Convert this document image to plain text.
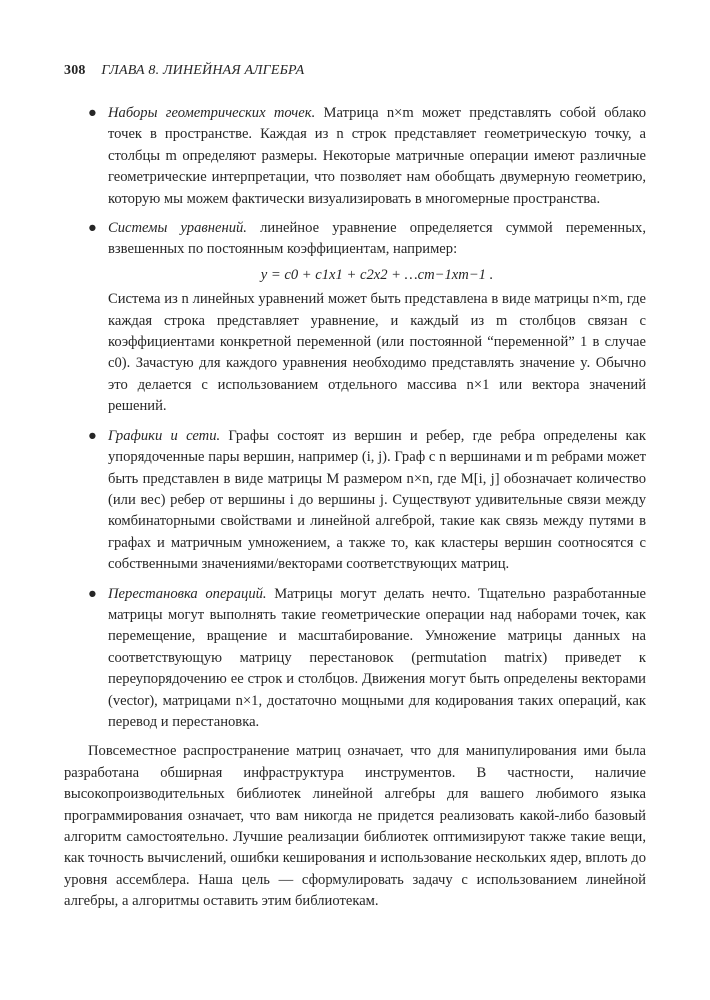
308 ГЛАВА 8. ЛИНЕЙНАЯ АЛГЕБРА
● Наборы геометрических точек. Матрица n×m может представлять собой облако точек в пространстве. Каждая из n строк представляет геометрическую точку, а столбцы m определяют размеры. Некоторые матричные операции имеют различные геометрические интерпретации, что позволяет нам обобщать двумерную геометрию, которую мы можем фактически визуализировать в многомерные пространства.

● Системы уравнений. линейное уравнение определяется суммой переменных, взвешенных по постоянным коэффициентам, например:

y = c0 + c1x1 + c2x2 + …cm−1xm−1 .

Система из n линейных уравнений может быть представлена в виде матрицы n×m, где каждая строка представляет уравнение, и каждый из m столбцов связан с коэффициентами конкретной переменной (или постоянной “переменной” 1 в случае c0). Зачастую для каждого уравнения необходимо представлять значение y. Обычно это делается с использованием отдельного массива n×1 или вектора значений решений.

● Графики и сети. Графы состоят из вершин и ребер, где ребра определены как упорядоченные пары вершин, например (i, j). Граф с n вершинами и m ребрами может быть представлен в виде матрицы M размером n×n, где M[i, j] обозначает количество (или вес) ребер от вершины i до вершины j. Существуют удивительные связи между комбинаторными свойствами и линейной алгеброй, такие как связь между путями в графах и матричным умножением, а также то, как кластеры вершин соотносятся с собственными значениями/векторами соответствующих матриц.

● Перестановка операций. Матрицы могут делать нечто. Тщательно разработанные матрицы могут выполнять такие геометрические операции над наборами точек, как перемещение, вращение и масштабирование. Умножение матрицы данных на соответствующую матрицу перестановок (permutation matrix) приведет к переупорядочению ее строк и столбцов. Движения могут быть определены векторами (vector), матрицами n×1, достаточно мощными для кодирования таких операций, как перевод и перестановка.

Повсеместное распространение матриц означает, что для манипулирования ими была разработана обширная инфраструктура инструментов. В частности, наличие высокопроизводительных библиотек линейной алгебры для вашего любимого языка программирования означает, что вам никогда не придется реализовать какой-либо базовый алгоритм самостоятельно. Лучшие реализации библиотек оптимизируют также такие вещи, как точность вычислений, ошибки кеширования и использование нескольких ядер, вплоть до уровня ассемблера. Наша цель — сформулировать задачу с использованием линейной алгебры, а алгоритмы оставить этим библиотекам.
